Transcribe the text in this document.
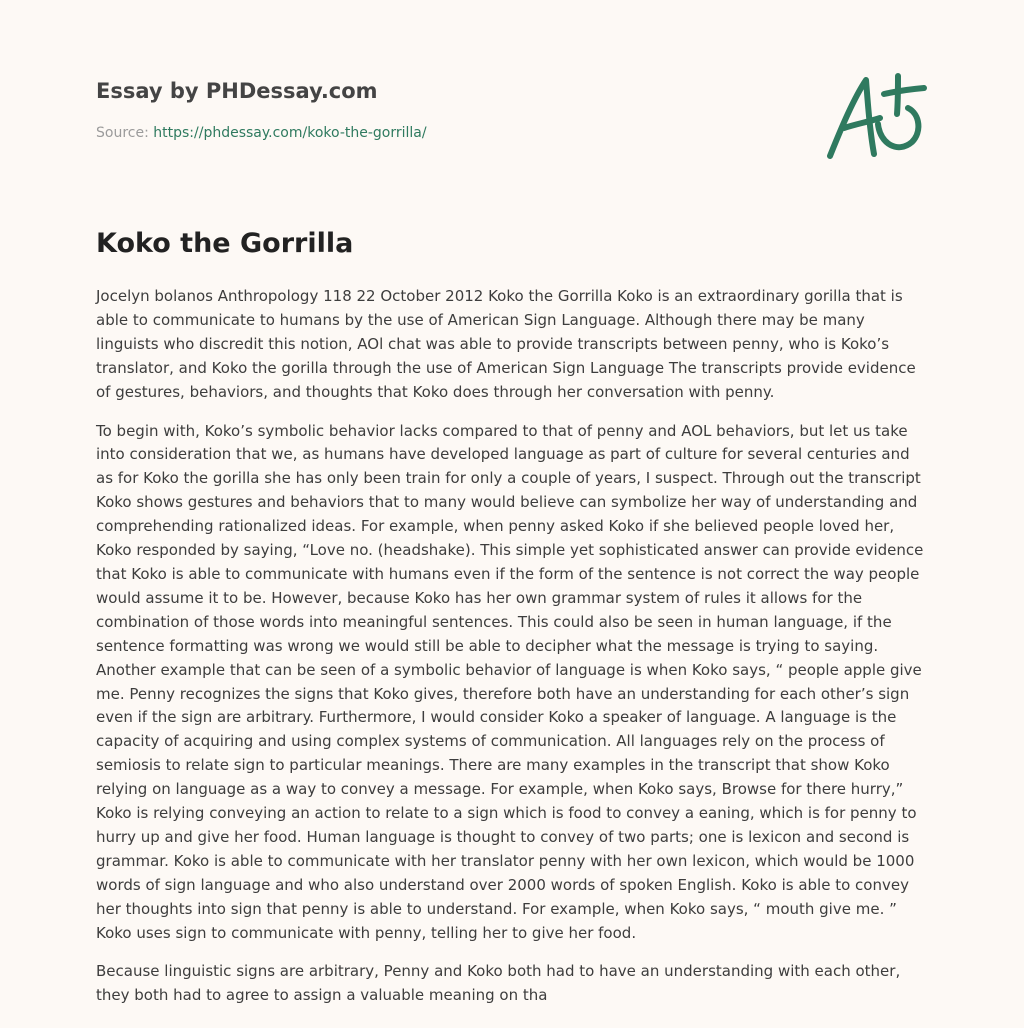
Essay by PHDessay.com
Source: https://phdessay.com/koko-the-gorrilla/
Koko the Gorrilla

Jocelyn bolanos Anthropology 118 22 October 2012 Koko the Gorrilla Koko is an extraordinary gorilla that is able to communicate to humans by the use of American Sign Language. Although there may be many linguists who discredit this notion, AOl chat was able to provide transcripts between penny, who is Koko’s translator, and Koko the gorilla through the use of American Sign Language The transcripts provide evidence of gestures, behaviors, and thoughts that Koko does through her conversation with penny.

To begin with, Koko’s symbolic behavior lacks compared to that of penny and AOL behaviors, but let us take into consideration that we, as humans have developed language as part of culture for several centuries and as for Koko the gorilla she has only been train for only a couple of years, I suspect. Through out the transcript Koko shows gestures and behaviors that to many would believe can symbolize her way of understanding and comprehending rationalized ideas. For example, when penny asked Koko if she believed people loved her, Koko responded by saying, “Love no. (headshake). This simple yet sophisticated answer can provide evidence that Koko is able to communicate with humans even if the form of the sentence is not correct the way people would assume it to be. However, because Koko has her own grammar system of rules it allows for the combination of those words into meaningful sentences. This could also be seen in human language, if the sentence formatting was wrong we would still be able to decipher what the message is trying to saying. Another example that can be seen of a symbolic behavior of language is when Koko says, “ people apple give me. Penny recognizes the signs that Koko gives, therefore both have an understanding for each other’s sign even if the sign are arbitrary. Furthermore, I would consider Koko a speaker of language. A language is the capacity of acquiring and using complex systems of communication. All languages rely on the process of semiosis to relate sign to particular meanings. There are many examples in the transcript that show Koko relying on language as a way to convey a message. For example, when Koko says, Browse for there hurry,” Koko is relying conveying an action to relate to a sign which is food to convey a eaning, which is for penny to hurry up and give her food. Human language is thought to convey of two parts; one is lexicon and second is grammar. Koko is able to communicate with her translator penny with her own lexicon, which would be 1000 words of sign language and who also understand over 2000 words of spoken English. Koko is able to convey her thoughts into sign that penny is able to understand. For example, when Koko says, “ mouth give me. ” Koko uses sign to communicate with penny, telling her to give her food.

Because linguistic signs are arbitrary, Penny and Koko both had to have an understanding with each other, they both had to agree to assign a valuable meaning on tha
